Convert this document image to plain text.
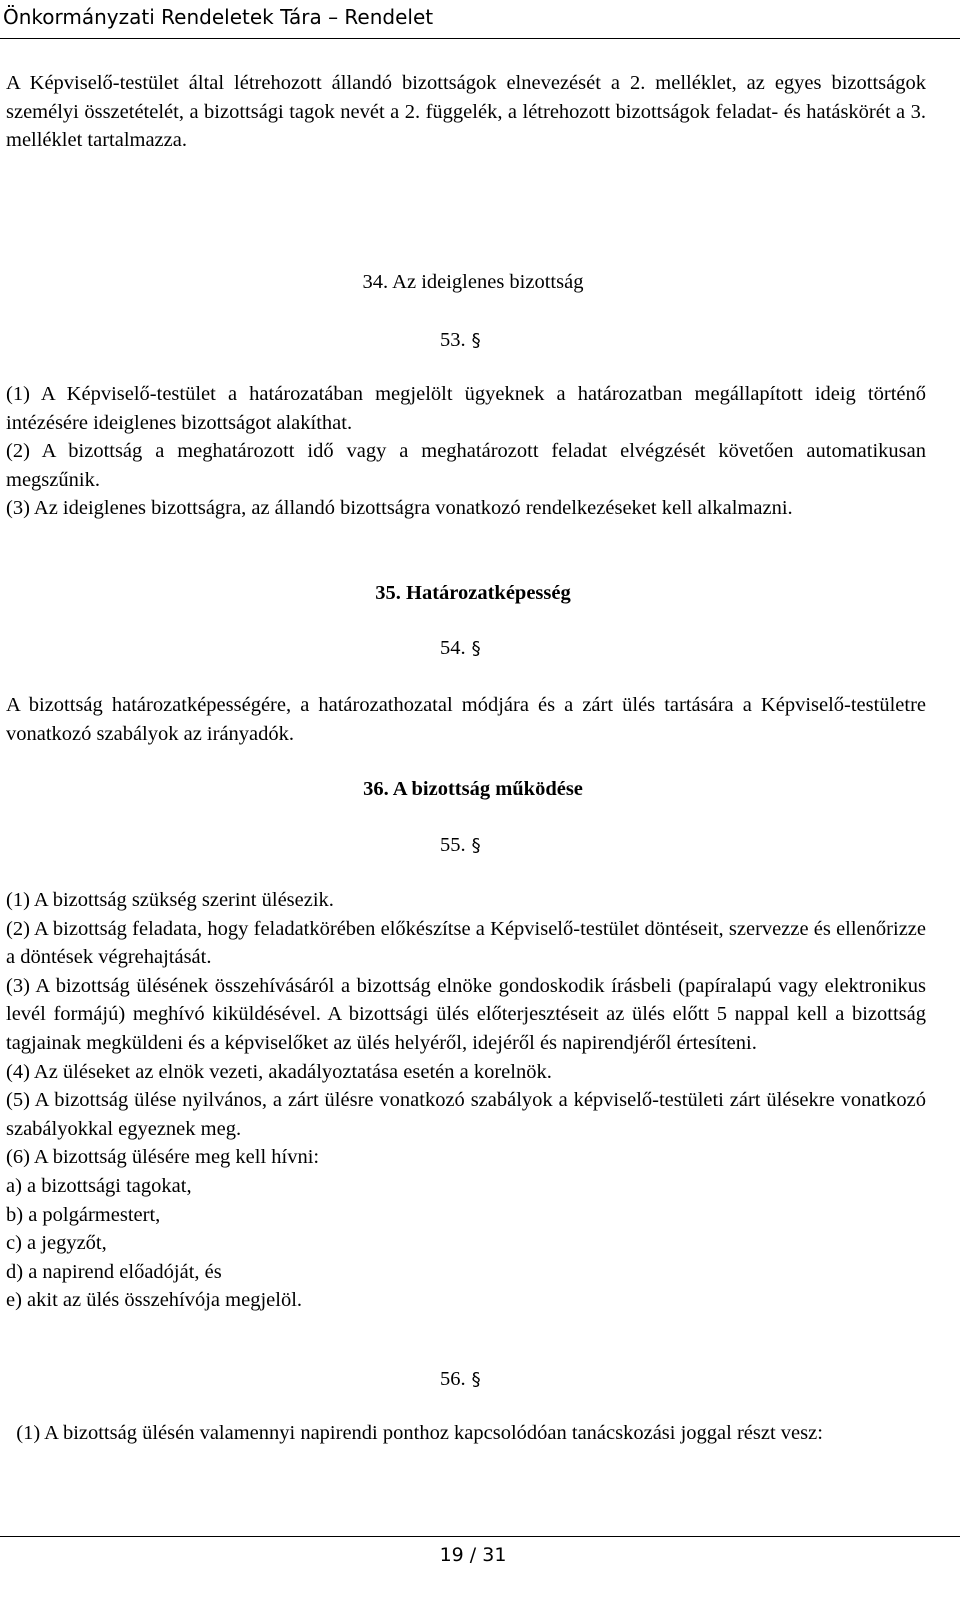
Önkormányzati Rendeletek Tára – Rendelet

A Képviselő-testület által létrehozott állandó bizottságok elnevezését a 2. melléklet, az egyes bizottságok személyi összetételét, a bizottsági tagok nevét a 2. függelék, a létrehozott bizottságok feladat- és hatáskörét a 3. melléklet tartalmazza.

34. Az ideiglenes bizottság
53. §

(1) A Képviselő-testület a határozatában megjelölt ügyeknek a határozatban megállapított ideig történő intézésére ideiglenes bizottságot alakíthat.

(2) A bizottság a meghatározott idő vagy a meghatározott feladat elvégzését követően automatikusan megszűnik.

(3) Az ideiglenes bizottságra, az állandó bizottságra vonatkozó rendelkezéseket kell alkalmazni.

35. Határozatképesség
54. §

A bizottság határozatképességére, a határozathozatal módjára és a zárt ülés tartására a Képviselő-testületre vonatkozó szabályok az irányadók.

36. A bizottság működése
55. §

(1) A bizottság szükség szerint ülésezik.

(2) A bizottság feladata, hogy feladatkörében előkészítse a Képviselő-testület döntéseit, szervezze és ellenőrizze a döntések végrehajtását.

(3) A bizottság ülésének összehívásáról a bizottság elnöke gondoskodik írásbeli (papíralapú vagy elektronikus levél formájú) meghívó kiküldésével. A bizottsági ülés előterjesztéseit az ülés előtt 5 nappal kell a bizottság tagjainak megküldeni és a képviselőket az ülés helyéről, idejéről és napirendjéről értesíteni.

(4) Az üléseket az elnök vezeti, akadályoztatása esetén a korelnök.

(5) A bizottság ülése nyilvános, a zárt ülésre vonatkozó szabályok a képviselő-testületi zárt ülésekre vonatkozó szabályokkal egyeznek meg.

(6) A bizottság ülésére meg kell hívni:

a) a bizottsági tagokat,

b) a polgármestert,

c) a jegyzőt,

d) a napirend előadóját, és

e) akit az ülés összehívója megjelöl.

56. §

(1) A bizottság ülésén valamennyi napirendi ponthoz kapcsolódóan tanácskozási joggal részt vesz:

19 / 31
